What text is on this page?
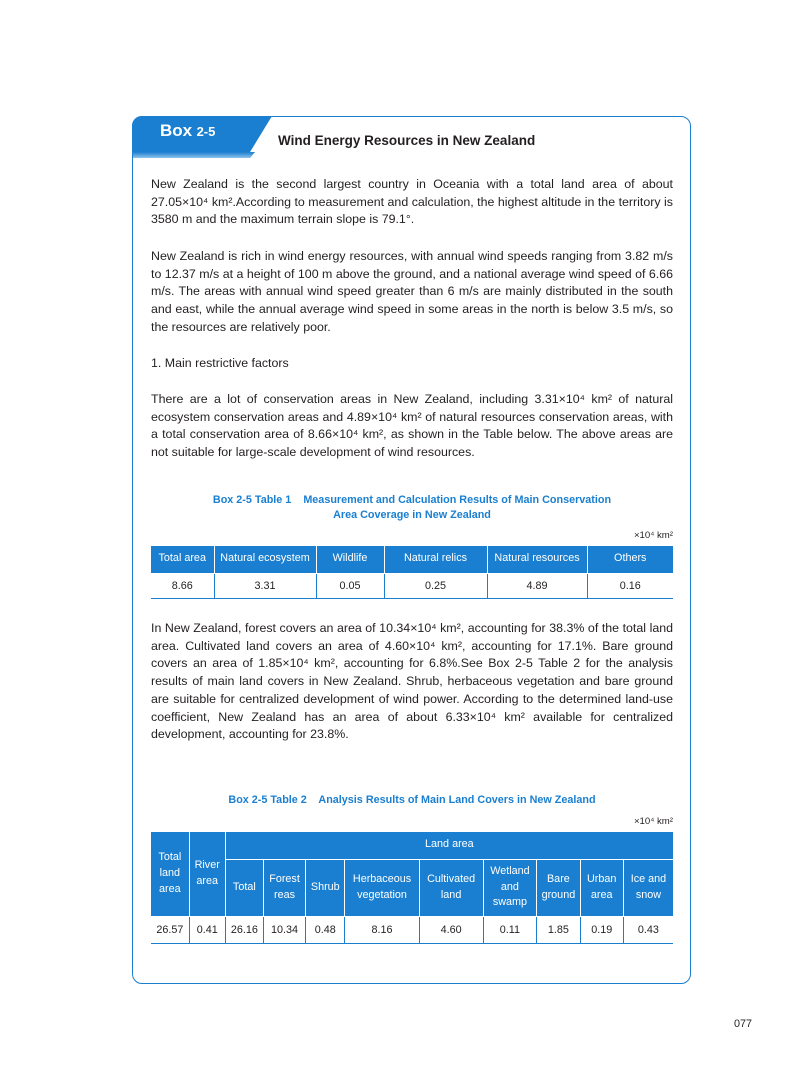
Box 2-5
Wind Energy Resources in New Zealand

New Zealand is the second largest country in Oceania with a total land area of about 27.05×10⁴ km².According to measurement and calculation, the highest altitude in the territory is 3580 m and the maximum terrain slope is 79.1°.

New Zealand is rich in wind energy resources, with annual wind speeds ranging from 3.82 m/s to 12.37 m/s at a height of 100 m above the ground, and a national average wind speed of 6.66 m/s. The areas with annual wind speed greater than 6 m/s are mainly distributed in the south and east, while the annual average wind speed in some areas in the north is below 3.5 m/s, so the resources are relatively poor.

1. Main restrictive factors

There are a lot of conservation areas in New Zealand, including 3.31×10⁴ km² of natural ecosystem conservation areas and 4.89×10⁴ km² of natural resources conservation areas, with a total conservation area of 8.66×10⁴ km², as shown in the Table below. The above areas are not suitable for large-scale development of wind resources.

Box 2-5 Table 1 Measurement and Calculation Results of Main Conservation
Area Coverage in New Zealand
×10⁴ km²
Total area	Natural ecosystem	Wildlife	Natural relics	Natural resources	Others
8.66	3.31	0.05	0.25	4.89	0.16

In New Zealand, forest covers an area of 10.34×10⁴ km², accounting for 38.3% of the total land area. Cultivated land covers an area of 4.60×10⁴ km², accounting for 17.1%. Bare ground covers an area of 1.85×10⁴ km², accounting for 6.8%.See Box 2-5 Table 2 for the analysis results of main land covers in New Zealand. Shrub, herbaceous vegetation and bare ground are suitable for centralized development of wind power. According to the determined land-use coefficient, New Zealand has an area of about 6.33×10⁴ km² available for centralized development, accounting for 23.8%.

Box 2-5 Table 2 Analysis Results of Main Land Covers in New Zealand
×10⁴ km²
Total land area	River area	Land area								
		Total	Forest reas	Shrub	Herbaceous vegetation	Cultivated land	Wetland and swamp	Bare ground	Urban area	Ice and snow
26.57	0.41	26.16	10.34	0.48	8.16	4.60	0.11	1.85	0.19	0.43
077
